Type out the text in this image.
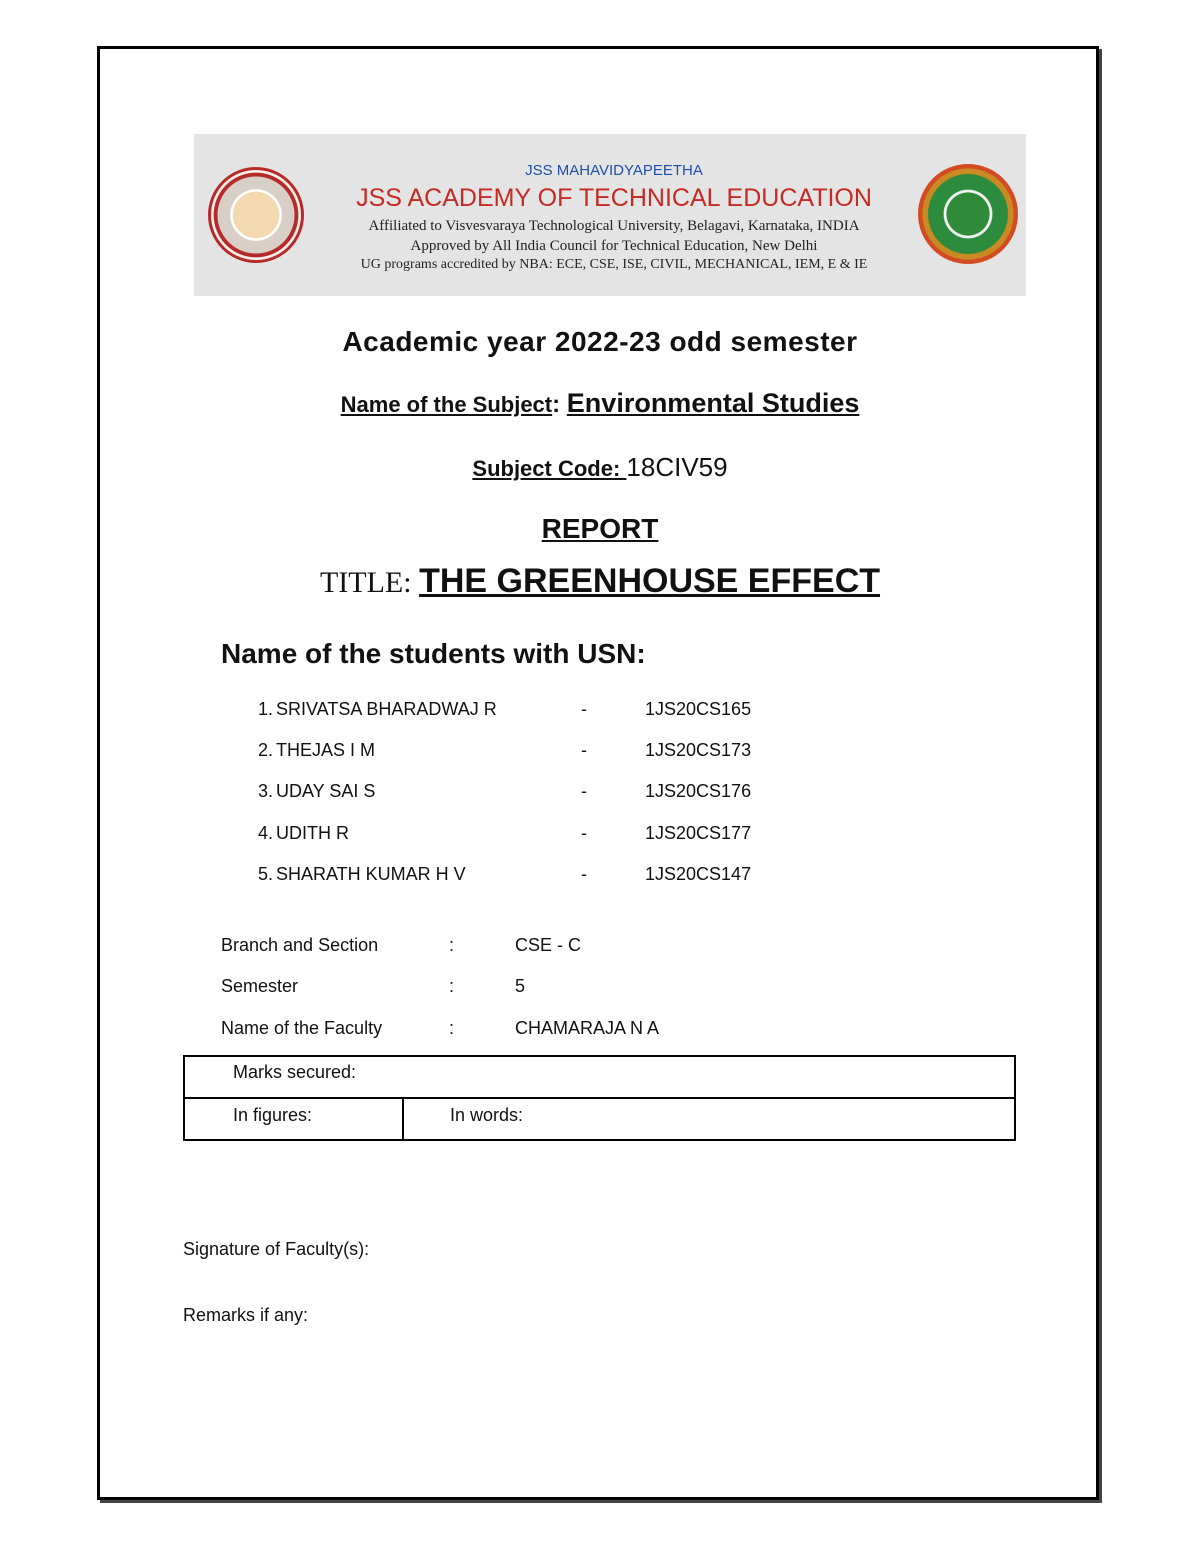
JSS MAHAVIDYAPEETHA
JSS ACADEMY OF TECHNICAL EDUCATION
Affiliated to Visvesvaraya Technological University, Belagavi, Karnataka, INDIA
Approved by All India Council for Technical Education, New Delhi
UG programs accredited by NBA: ECE, CSE, ISE, CIVIL, MECHANICAL, IEM, E & IE
Academic year 2022-23 odd semester
Name of the Subject: Environmental Studies
Subject Code: 18CIV59
REPORT
TITLE: THE GREENHOUSE EFFECT
Name of the students with USN:
1. SRIVATSA BHARADWAJ R	-	1JS20CS165
2. THEJAS I M	-	1JS20CS173
3. UDAY SAI S	-	1JS20CS176
4. UDITH R	-	1JS20CS177
5. SHARATH KUMAR H V	-	1JS20CS147
Branch and Section	:	CSE - C
Semester	:	5
Name of the Faculty	:	CHAMARAJA N A
Marks secured:
In figures:	In words:
Signature of Faculty(s):
Remarks if any:
